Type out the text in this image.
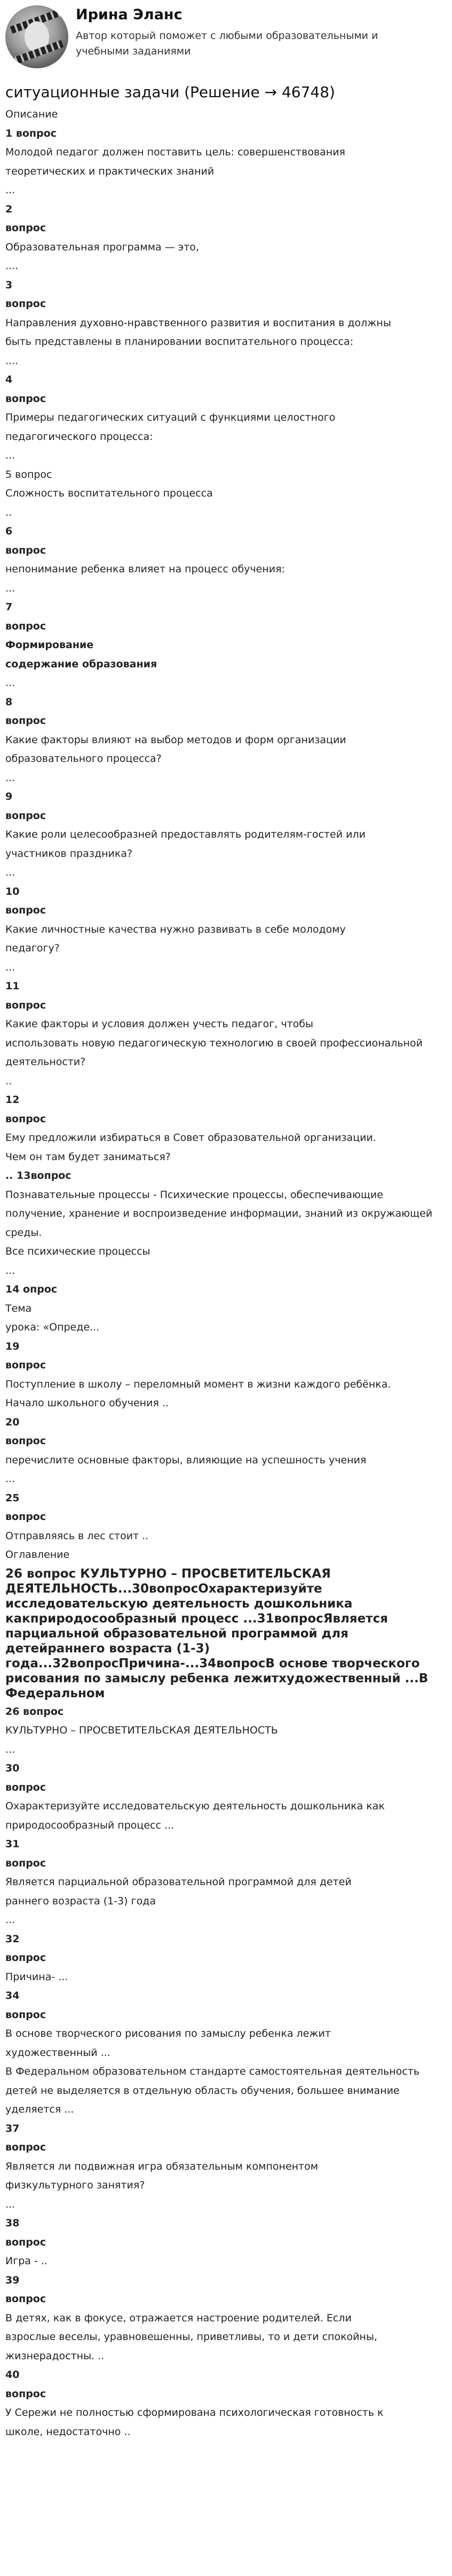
Ирина Эланс
Автор который поможет с любыми образовательными и учебными заданиями
ситуационные задачи (Решение → 46748)
Описание
1 вопрос
Молодой педагог должен поставить цель: совершенствования
теоретических и практических знаний
...
2
вопрос
Образовательная программа — это,
....
3
вопрос
Направления духовно-нравственного развития и воспитания в должны
быть представлены в планировании воспитательного процесса:
....
4
вопрос
Примеры педагогических ситуаций с функциями целостного
педагогического процесса:
...
5 вопрос
Сложность воспитательного процесса
..
6
вопрос
непонимание ребенка влияет на процесс обучения:
...
7
вопрос
Формирование
содержание образования
...
8
вопрос
Какие факторы влияют на выбор методов и форм организации
образовательного процесса?
...
9
вопрос
Какие роли целесообразней предоставлять родителям-гостей или
участников праздника?
...
10
вопрос
Какие личностные качества нужно развивать в себе молодому
педагогу?
...
11
вопрос
Какие факторы и условия должен учесть педагог, чтобы
использовать новую педагогическую технологию в своей профессиональной
деятельности?
..
12
вопрос
Ему предложили избираться в Совет образовательной организации.
Чем он там будет заниматься?
.. 13вопрос
Познавательные процессы - Психические процессы, обеспечивающие
получение, хранение и воспроизведение информации, знаний из окружающей
среды.
Все психические процессы
...
14 опрос
Тема
урока: «Опреде...
19
вопрос
Поступление в школу – переломный момент в жизни каждого ребёнка.
Начало школьного обучения ..
20
вопрос
перечислите основные факторы, влияющие на успешность учения
...
25
вопрос
Отправляясь в лес стоит ..
Оглавление
26 вопрос КУЛЬТУРНО – ПРОСВЕТИТЕЛЬСКАЯ ДЕЯТЕЛЬНОСТЬ...30вопросОхарактеризуйте исследовательскую деятельность дошкольника какприродосообразный процесс ...31вопросЯвляется парциальной образовательной программой для детейраннего возраста (1-3) года...32вопросПричина-...34вопросВ основе творческого рисования по замыслу ребенка лежитхудожественный ...В Федеральном
26 вопрос
КУЛЬТУРНО – ПРОСВЕТИТЕЛЬСКАЯ ДЕЯТЕЛЬНОСТЬ
...
30
вопрос
Охарактеризуйте исследовательскую деятельность дошкольника как
природосообразный процесс ...
31
вопрос
Является парциальной образовательной программой для детей
раннего возраста (1-3) года
...
32
вопрос
Причина- ...
34
вопрос
В основе творческого рисования по замыслу ребенка лежит
художественный ...
В Федеральном образовательном стандарте самостоятельная деятельность
детей не выделяется в отдельную область обучения, большее внимание
уделяется ...
37
вопрос
Является ли подвижная игра обязательным компонентом
физкультурного занятия?
...
38
вопрос
Игра - ..
39
вопрос
В детях, как в фокусе, отражается настроение родителей. Если
взрослые веселы, уравновешенны, приветливы, то и дети спокойны,
жизнерадостны. ..
40
вопрос
У Сережи не полностью сформирована психологическая готовность к
школе, недостаточно ..
